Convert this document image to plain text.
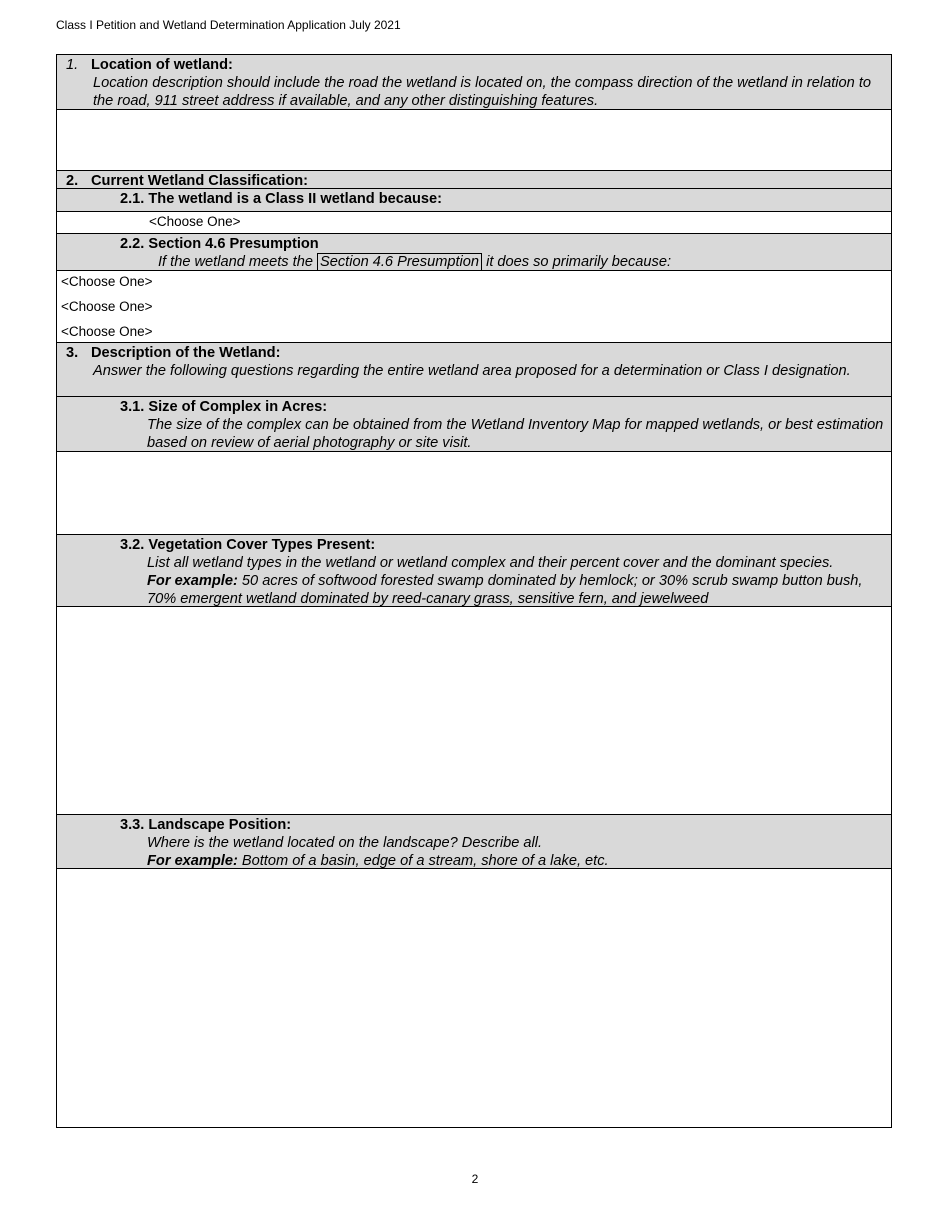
Class I Petition and Wetland Determination Application July 2021
1. Location of wetland:
Location description should include the road the wetland is located on, the compass direction of the wetland in relation to the road, 911 street address if available, and any other distinguishing features.
2. Current Wetland Classification:
2.1. The wetland is a Class II wetland because:
<Choose One>
2.2. Section 4.6 Presumption
If the wetland meets the Section 4.6 Presumption it does so primarily because:
<Choose One>
<Choose One>
<Choose One>
3. Description of the Wetland:
Answer the following questions regarding the entire wetland area proposed for a determination or Class I designation.
3.1. Size of Complex in Acres:
The size of the complex can be obtained from the Wetland Inventory Map for mapped wetlands, or best estimation based on review of aerial photography or site visit.
3.2. Vegetation Cover Types Present:
List all wetland types in the wetland or wetland complex and their percent cover and the dominant species.
For example: 50 acres of softwood forested swamp dominated by hemlock; or 30% scrub swamp button bush, 70% emergent wetland dominated by reed-canary grass, sensitive fern, and jewelweed
3.3. Landscape Position:
Where is the wetland located on the landscape? Describe all.
For example: Bottom of a basin, edge of a stream, shore of a lake, etc.
2
